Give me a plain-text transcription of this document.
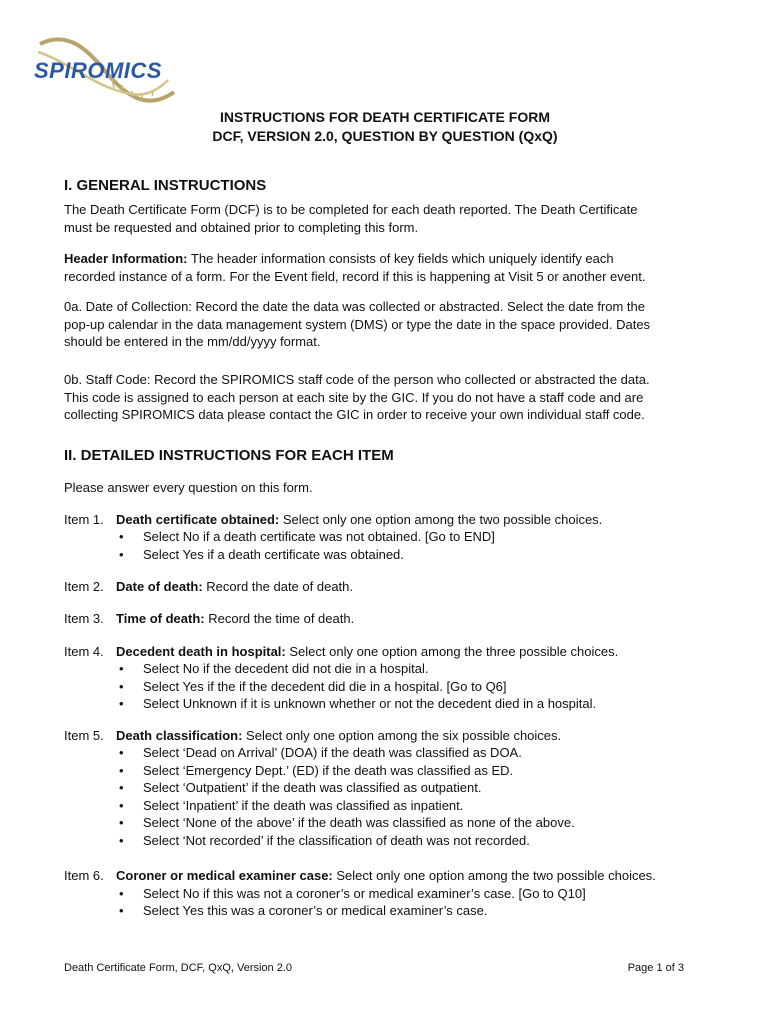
SPIROMICS
INSTRUCTIONS FOR DEATH CERTIFICATE FORM
DCF, VERSION 2.0, QUESTION BY QUESTION (QxQ)
I. GENERAL INSTRUCTIONS
The Death Certificate Form (DCF) is to be completed for each death reported. The Death Certificate
must be requested and obtained prior to completing this form.
Header Information: The header information consists of key fields which uniquely identify each
recorded instance of a form. For the Event field, record if this is happening at Visit 5 or another event.
0a. Date of Collection: Record the date the data was collected or abstracted. Select the date from the
pop-up calendar in the data management system (DMS) or type the date in the space provided. Dates
should be entered in the mm/dd/yyyy format.
0b. Staff Code: Record the SPIROMICS staff code of the person who collected or abstracted the data.
This code is assigned to each person at each site by the GIC. If you do not have a staff code and are
collecting SPIROMICS data please contact the GIC in order to receive your own individual staff code.
II. DETAILED INSTRUCTIONS FOR EACH ITEM
Please answer every question on this form.
Item 1. Death certificate obtained: Select only one option among the two possible choices.
• Select No if a death certificate was not obtained. [Go to END]
• Select Yes if a death certificate was obtained.
Item 2. Date of death: Record the date of death.
Item 3. Time of death: Record the time of death.
Item 4. Decedent death in hospital: Select only one option among the three possible choices.
• Select No if the decedent did not die in a hospital.
• Select Yes if the if the decedent did die in a hospital. [Go to Q6]
• Select Unknown if it is unknown whether or not the decedent died in a hospital.
Item 5. Death classification: Select only one option among the six possible choices.
• Select ‘Dead on Arrival’ (DOA) if the death was classified as DOA.
• Select ‘Emergency Dept.’ (ED) if the death was classified as ED.
• Select ‘Outpatient’ if the death was classified as outpatient.
• Select ‘Inpatient’ if the death was classified as inpatient.
• Select ‘None of the above’ if the death was classified as none of the above.
• Select ‘Not recorded’ if the classification of death was not recorded.
Item 6. Coroner or medical examiner case: Select only one option among the two possible choices.
• Select No if this was not a coroner’s or medical examiner’s case. [Go to Q10]
• Select Yes this was a coroner’s or medical examiner’s case.
Death Certificate Form, DCF, QxQ, Version 2.0	Page 1 of 3
